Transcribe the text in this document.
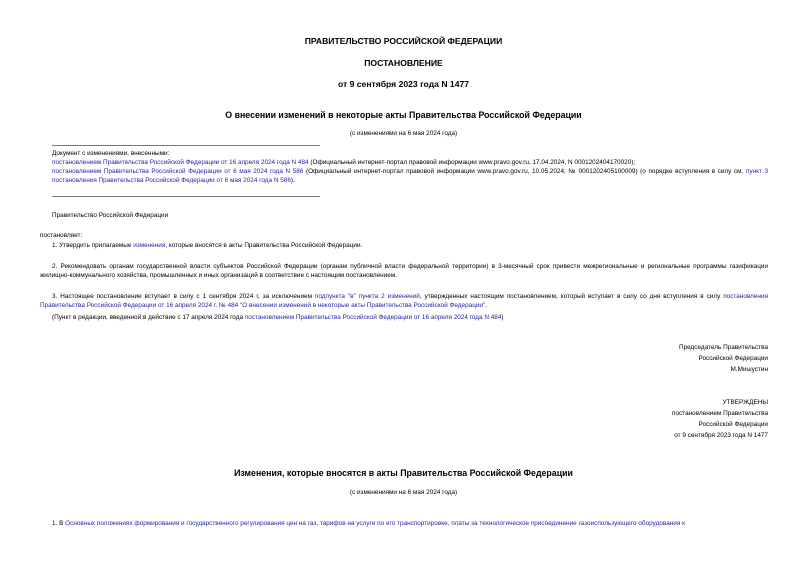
ПРАВИТЕЛЬСТВО РОССИЙСКОЙ ФЕДЕРАЦИИ
ПОСТАНОВЛЕНИЕ
от 9 сентября 2023 года N 1477
О внесении изменений в некоторые акты Правительства Российской Федерации
(с изменениями на 6 мая 2024 года)
Документ с изменениями, внесенными:
постановлением Правительства Российской Федерации от 16 апреля 2024 года N 484 (Официальный интернет-портал правовой информации www.pravo.gov.ru, 17.04.2024, N 0001202404170020);
постановлением Правительства Российской Федерации от 6 мая 2024 года N 586 (Официальный интернет-портал правовой информации www.pravo.gov.ru, 10.05.2024, № 0001202405100009) (о порядке вступления в силу см. пункт 3 постановления Правительства Российской Федерации от 6 мая 2024 года N 586).
Правительство Российской Федерации
постановляет:
1. Утвердить прилагаемые изменения, которые вносятся в акты Правительства Российской Федерации.
2. Рекомендовать органам государственной власти субъектов Российской Федерации (органам публичной власти федеральной территории) в 3-месячный срок привести межрегиональные и региональные программы газификации жилищно-коммунального хозяйства, промышленных и иных организаций в соответствие с настоящим постановлением.
3. Настоящее постановление вступает в силу с 1 сентября 2024 г, за исключением подпункта "в" пункта 2 изменений, утвержденных настоящим постановлением, который вступает в силу со дня вступления в силу постановления Правительства Российской Федерации от 16 апреля 2024 г. № 484 "О внесении изменений в некоторые акты Правительства Российской Федерации".
(Пункт в редакции, введенной в действие с 17 апреля 2024 года постановлением Правительства Российской Федерации от 16 апреля 2024 года N 484)
Председатель Правительства
Российской Федерации
М.Мишустин
УТВЕРЖДЕНЫ
постановлением Правительства
Российской Федерации
от 9 сентября 2023 года N 1477
Изменения, которые вносятся в акты Правительства Российской Федерации
(с изменениями на 6 мая 2024 года)
1. В Основных положениях формирования и государственного регулирования цен на газ, тарифов на услуги по его транспортировке, платы за технологическое присоединение газоиспользующего оборудования к
